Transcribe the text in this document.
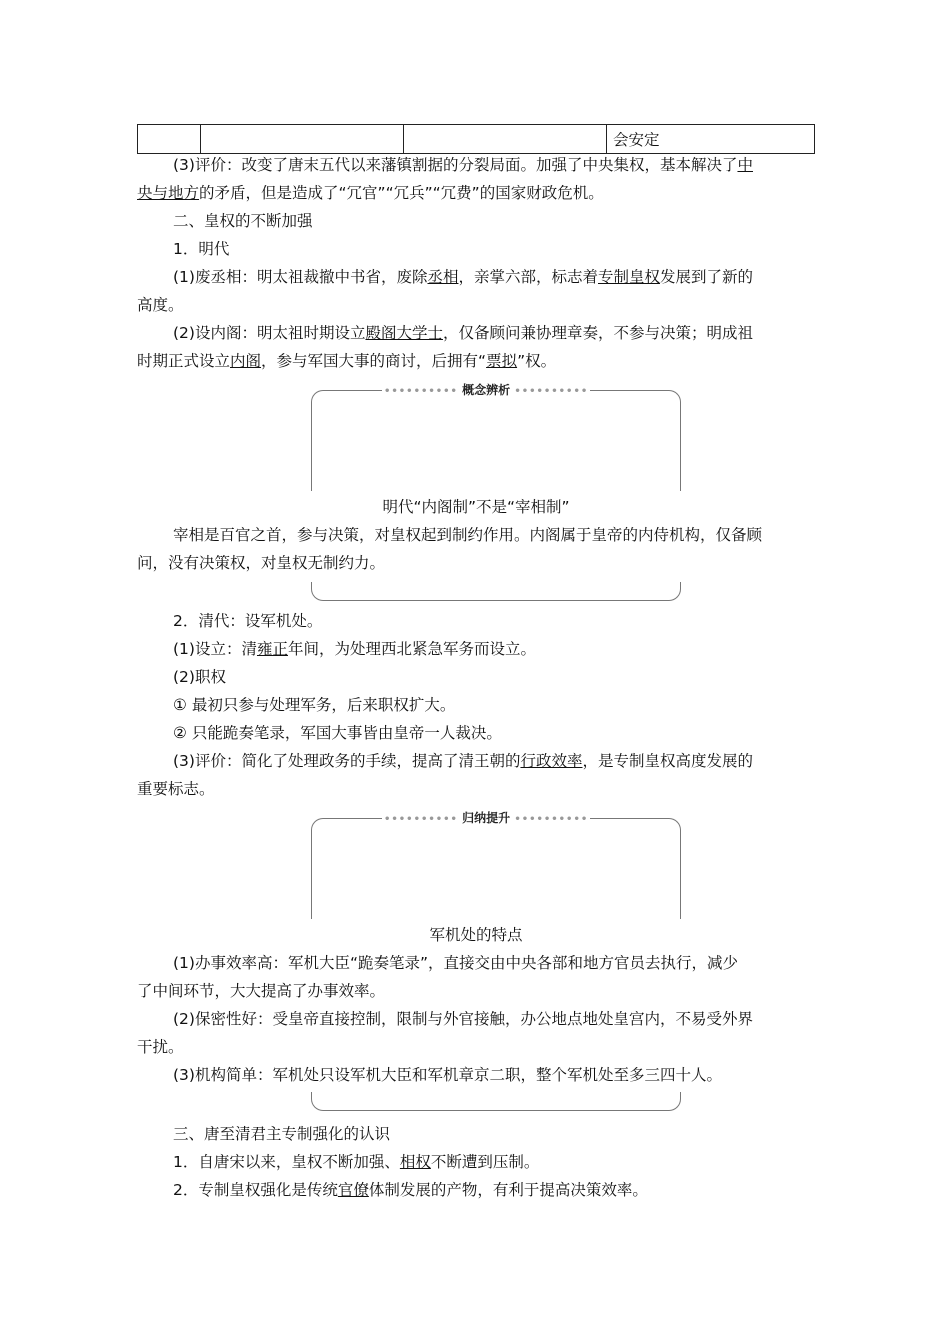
			会安定
(3)评价：改变了唐末五代以来藩镇割据的分裂局面。加强了中央集权，基本解决了中
央与地方的矛盾，但是造成了“冗官”“冗兵”“冗费”的国家财政危机。
二、皇权的不断加强
1．明代
(1)废丞相：明太祖裁撤中书省，废除丞相，亲掌六部，标志着专制皇权发展到了新的
高度。
(2)设内阁：明太祖时期设立殿阁大学士，仅备顾问兼协理章奏，不参与决策；明成祖
时期正式设立内阁，参与军国大事的商讨，后拥有“票拟”权。
•••••••••• 概念辨析 ••••••••••
明代“内阁制”不是“宰相制”
宰相是百官之首，参与决策，对皇权起到制约作用。内阁属于皇帝的内侍机构，仅备顾
问，没有决策权，对皇权无制约力。
2．清代：设军机处。
(1)设立：清雍正年间，为处理西北紧急军务而设立。
(2)职权
① 最初只参与处理军务，后来职权扩大。
② 只能跪奏笔录，军国大事皆由皇帝一人裁决。
(3)评价：简化了处理政务的手续，提高了清王朝的行政效率，是专制皇权高度发展的
重要标志。
•••••••••• 归纳提升 ••••••••••
军机处的特点
(1)办事效率高：军机大臣“跪奏笔录”，直接交由中央各部和地方官员去执行，减少
了中间环节，大大提高了办事效率。
(2)保密性好：受皇帝直接控制，限制与外官接触，办公地点地处皇宫内，不易受外界
干扰。
(3)机构简单：军机处只设军机大臣和军机章京二职，整个军机处至多三四十人。
三、唐至清君主专制强化的认识
1．自唐宋以来，皇权不断加强、相权不断遭到压制。
2．专制皇权强化是传统官僚体制发展的产物，有利于提高决策效率。
